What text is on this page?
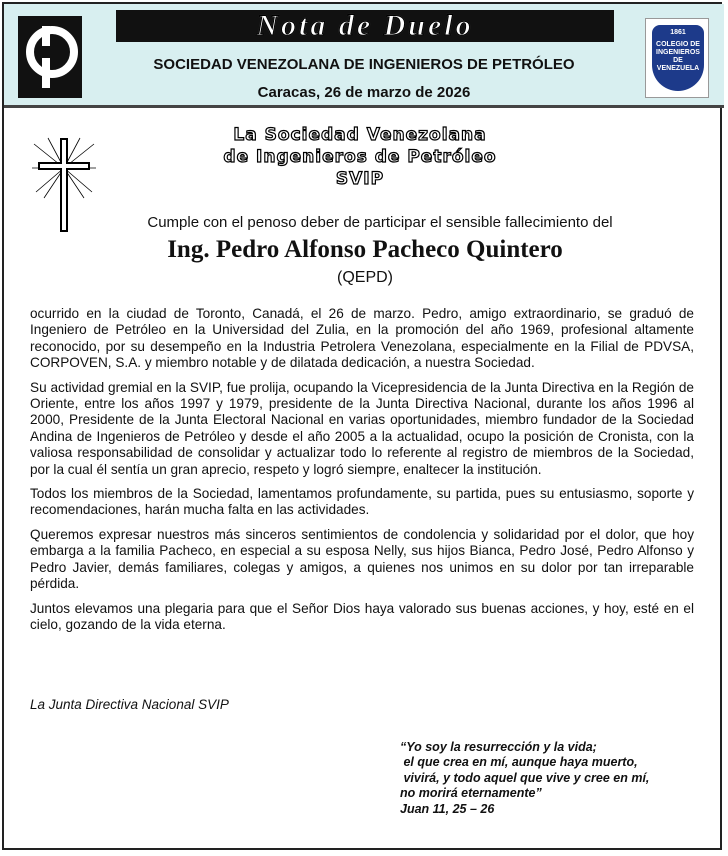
Nota de Duelo
SOCIEDAD VENEZOLANA DE INGENIEROS DE PETRÓLEO
Caracas, 26 de marzo de 2026
1861
COLEGIO DE INGENIEROS DE VENEZUELA
La Sociedad Venezolana
de Ingenieros de Petróleo
SVIP
Cumple con el penoso deber de participar el sensible fallecimiento del
Ing. Pedro Alfonso Pacheco Quintero
(QEPD)

ocurrido en la ciudad de Toronto, Canadá, el 26 de marzo. Pedro, amigo extraordinario, se graduó de Ingeniero de Petróleo en la Universidad del Zulia, en la promoción del año 1969, profesional altamente reconocido, por su desempeño en la Industria Petrolera Venezolana, especialmente en la Filial de PDVSA, CORPOVEN, S.A. y miembro notable y de dilatada dedicación, a nuestra Sociedad.

Su actividad gremial en la SVIP, fue prolija, ocupando la Vicepresidencia de la Junta Directiva en la Región de Oriente, entre los años 1997 y 1979, presidente de la Junta Directiva Nacional, durante los años 1996 al 2000, Presidente de la Junta Electoral Nacional en varias oportunidades, miembro fundador de la Sociedad Andina de Ingenieros de Petróleo y desde el año 2005 a la actualidad, ocupo la posición de Cronista, con la valiosa responsabilidad de consolidar y actualizar todo lo referente al registro de miembros de la Sociedad, por la cual él sentía un gran aprecio, respeto y logró siempre, enaltecer la institución.

Todos los miembros de la Sociedad, lamentamos profundamente, su partida, pues su entusiasmo, soporte y recomendaciones, harán mucha falta en las actividades.

Queremos expresar nuestros más sinceros sentimientos de condolencia y solidaridad por el dolor, que hoy embarga a la familia Pacheco, en especial a su esposa Nelly, sus hijos Bianca, Pedro José, Pedro Alfonso y Pedro Javier, demás familiares, colegas y amigos, a quienes nos unimos en su dolor por tan irreparable pérdida.

Juntos elevamos una plegaria para que el Señor Dios haya valorado sus buenas acciones, y hoy, esté en el cielo, gozando de la vida eterna.

La Junta Directiva Nacional SVIP
“Yo soy la resurrección y la vida;
el que crea en mí, aunque haya muerto,
vivirá, y todo aquel que vive y cree en mí,
no morirá eternamente”
Juan 11, 25 – 26
